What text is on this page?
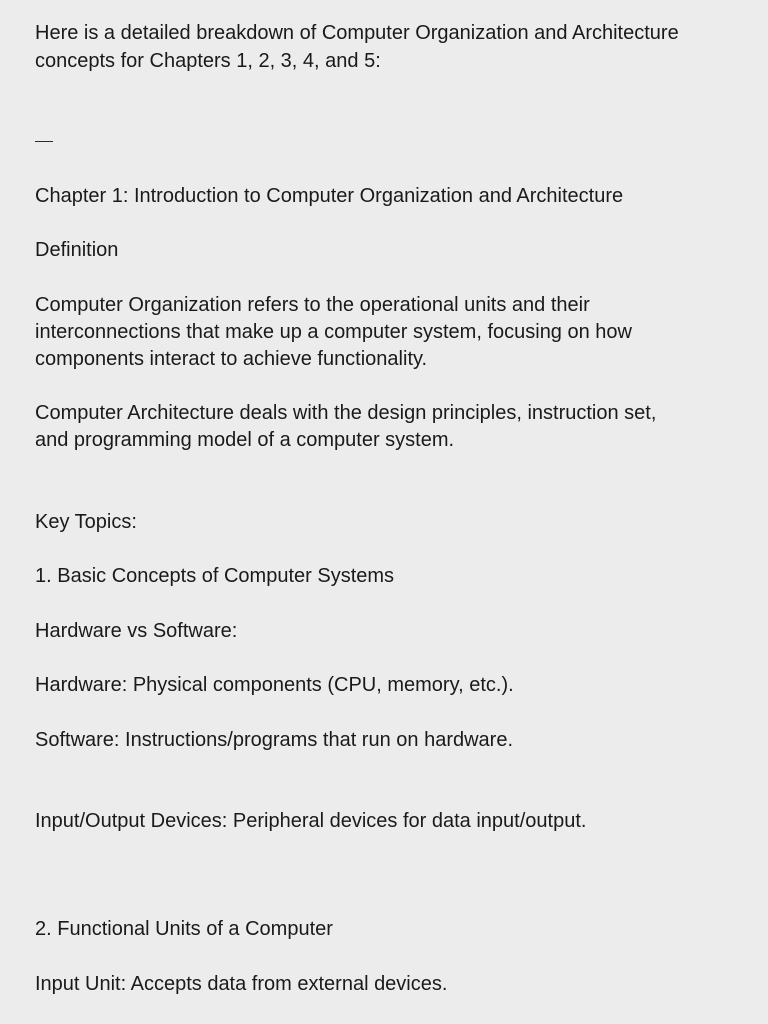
Here is a detailed breakdown of Computer Organization and Architecture

concepts for Chapters 1, 2, 3, 4, and 5:

Chapter 1: Introduction to Computer Organization and Architecture

Definition

Computer Organization refers to the operational units and their

interconnections that make up a computer system, focusing on how

components interact to achieve functionality.

Computer Architecture deals with the design principles, instruction set,

and programming model of a computer system.

Key Topics:

1. Basic Concepts of Computer Systems

Hardware vs Software:

Hardware: Physical components (CPU, memory, etc.).

Software: Instructions/programs that run on hardware.

Input/Output Devices: Peripheral devices for data input/output.

2. Functional Units of a Computer

Input Unit: Accepts data from external devices.
